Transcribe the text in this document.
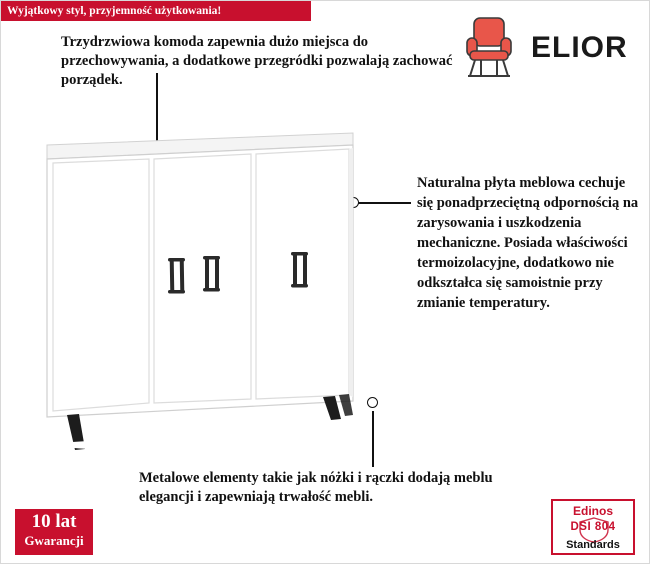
Wyjątkowy styl, przyjemność użytkowania!
ELIOR
Trzydrzwiowa komoda zapewnia dużo miejsca do przechowywania, a dodatkowe przegródki pozwalają zachować porządek.
Naturalna płyta meblowa cechuje się ponadprzeciętną odpornością na zarysowania i uszkodzenia mechaniczne. Posiada właściwości termoizolacyjne, dodatkowo nie odkształca się samoistnie przy zmianie temperatury.
Metalowe elementy takie jak nóżki i rączki dodają meblu elegancji i zapewniają trwałość mebli.
10 lat
Gwarancji
Edinos
DSI 804
Standards
